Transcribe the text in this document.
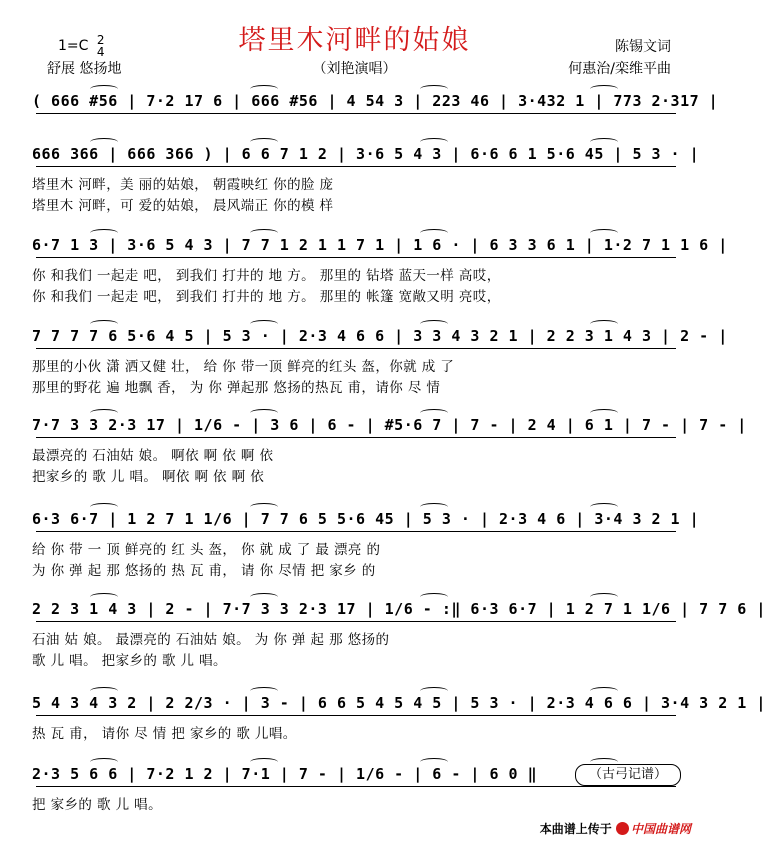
塔里木河畔的姑娘
1=C 2
4
舒展 悠扬地	（刘艳演唱）
陈锡文词
何惠治/栾维平曲
( 666 #56 | 7·2 17 6 | 666 #56 | 4 54 3 | 223 46 | 3·432 1 | 773 2·317 |
666 366 | 666 366 ) | 6 6 7 1 2 | 3·6 5 4 3 | 6·6 6 1 5·6 45 | 5 3 · |
塔里木 河畔，美 丽的姑娘， 朝霞映红 你的脸 庞
塔里木 河畔，可 爱的姑娘， 晨风端正 你的模 样
6·7 1 3 | 3·6 5 4 3 | 7 7 1 2 1 1 7 1 | 1 6 · | 6 3 3 6 1 | 1·2 7 1 1 6 |
你 和我们 一起走 吧， 到我们 打井的 地 方。 那里的 钻塔 蓝天一样 高哎，
你 和我们 一起走 吧， 到我们 打井的 地 方。 那里的 帐篷 宽敞又明 亮哎，
7 7 7 7 6 5·6 4 5 | 5 3 · | 2·3 4 6 6 | 3 3 4 3 2 1 | 2 2 3 1 4 3 | 2 - |
那里的小伙 潇 洒又健 壮， 给 你 带一顶 鲜亮的红头 盔，你就 成 了
那里的野花 遍 地飘 香， 为 你 弹起那 悠扬的热瓦 甫，请你 尽 情
7·7 3 3 2·3 17 | 1/6 - | 3 6 | 6 - | #5·6 7 | 7 - | 2 4 | 6 1 | 7 - | 7 - |
最漂亮的 石油姑 娘。 啊依 啊 依 啊 依
把家乡的 歌 儿 唱。 啊依 啊 依 啊 依
6·3 6·7 | 1 2 7 1 1/6 | 7 7 6 5 5·6 45 | 5 3 · | 2·3 4 6 | 3·4 3 2 1 |
给 你 带 一 顶 鲜亮的 红 头 盔， 你 就 成 了 最 漂亮 的
为 你 弹 起 那 悠扬的 热 瓦 甫， 请 你 尽情 把 家乡 的
2 2 3 1 4 3 | 2 - | 7·7 3 3 2·3 17 | 1/6 - :‖ 6·3 6·7 | 1 2 7 1 1/6 | 7 7 6 |
石油 姑 娘。 最漂亮的 石油姑 娘。 为 你 弹 起 那 悠扬的
歌 儿 唱。 把家乡的 歌 儿 唱。
5 4 3 4 3 2 | 2 2/3 · | 3 - | 6 6 5 4 5 4 5 | 5 3 · | 2·3 4 6 6 | 3·4 3 2 1 |
热 瓦 甫， 请你 尽 情 把 家乡的 歌 儿唱。
2·3 5 6 6 | 7·2 1 2 | 7·1 | 7 - | 1/6 - | 6 - | 6 0 ‖
把 家乡的 歌 儿 唱。
（古弓记谱）
本曲谱上传于 中国曲谱网
